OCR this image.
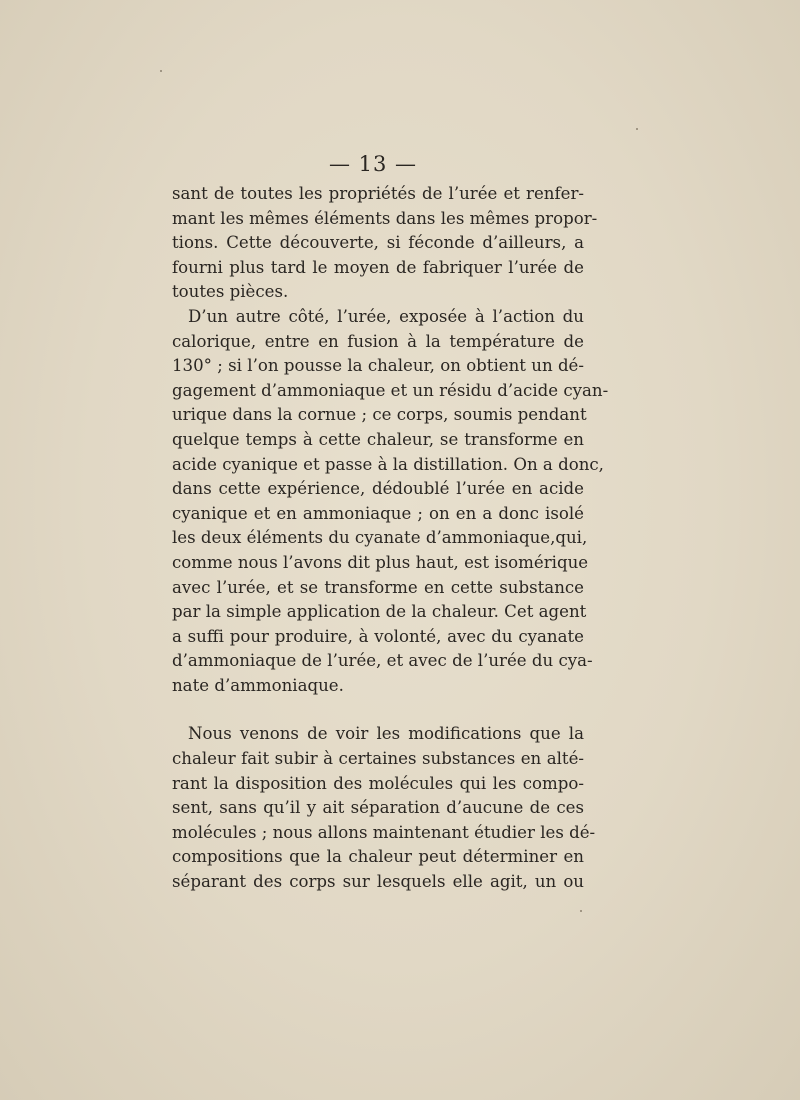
— 13 —
sant de toutes les propriétés de l’urée et renfer-
mant les mêmes éléments dans les mêmes propor-
tions. Cette découverte, si féconde d’ailleurs, a
fourni plus tard le moyen de fabriquer l’urée de
toutes pièces.
D’un autre côté, l’urée, exposée à l’action du
calorique, entre en fusion à la température de
130° ; si l’on pousse la chaleur, on obtient un dé-
gagement d’ammoniaque et un résidu d’acide cyan-
urique dans la cornue ; ce corps, soumis pendant
quelque temps à cette chaleur, se transforme en
acide cyanique et passe à la distillation. On a donc,
dans cette expérience, dédoublé l’urée en acide
cyanique et en ammoniaque ; on en a donc isolé
les deux éléments du cyanate d’ammoniaque,qui,
comme nous l’avons dit plus haut, est isomérique
avec l’urée, et se transforme en cette substance
par la simple application de la chaleur. Cet agent
a suffi pour produire, à volonté, avec du cyanate
d’ammoniaque de l’urée, et avec de l’urée du cya-
nate d’ammoniaque.
Nous venons de voir les modifications que la
chaleur fait subir à certaines substances en alté-
rant la disposition des molécules qui les compo-
sent, sans qu’il y ait séparation d’aucune de ces
molécules ; nous allons maintenant étudier les dé-
compositions que la chaleur peut déterminer en
séparant des corps sur lesquels elle agit, un ou
